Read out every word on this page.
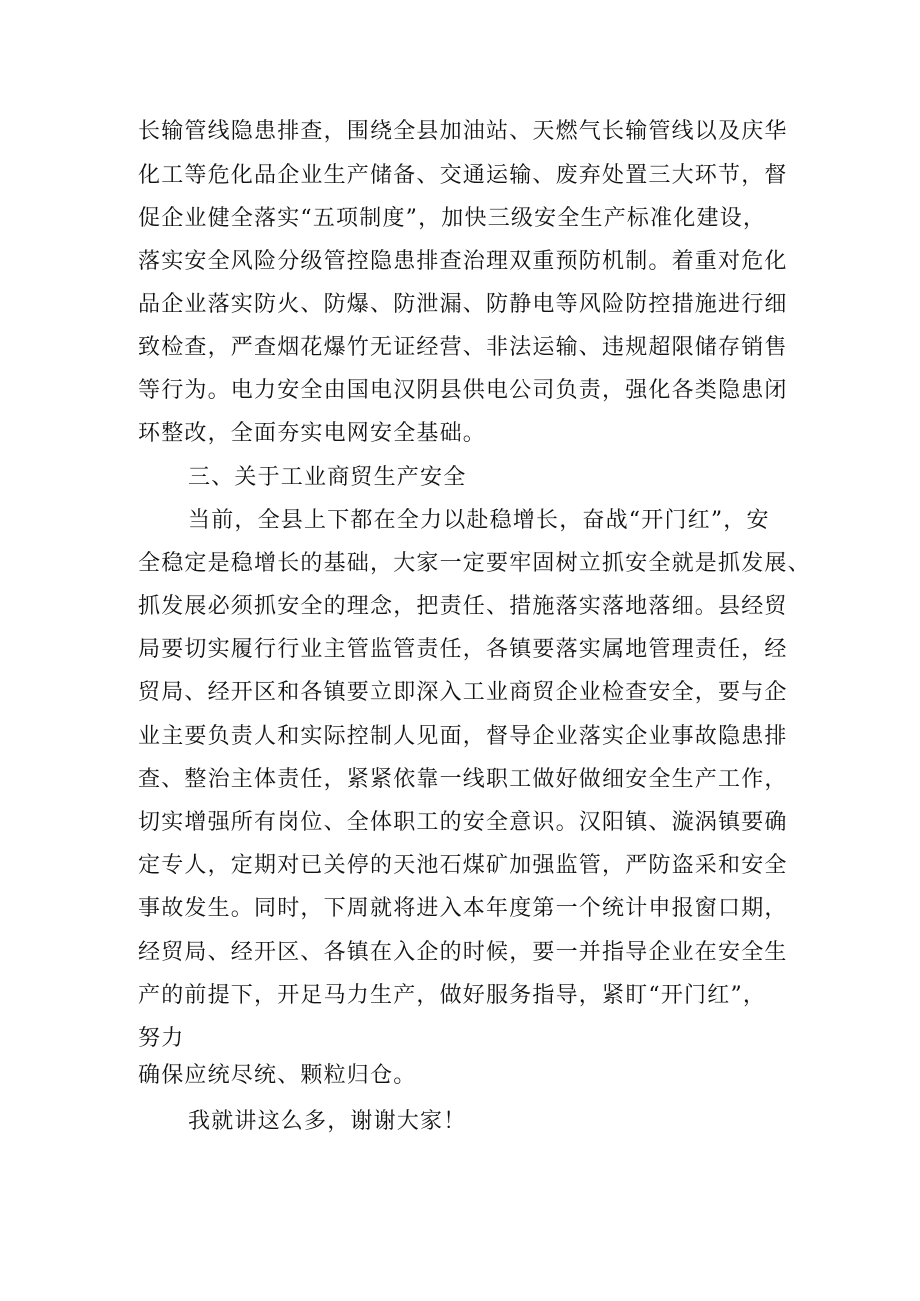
长输管线隐患排查，围绕全县加油站、天燃气长输管线以及庆华
化工等危化品企业生产储备、交通运输、废弃处置三大环节，督
促企业健全落实“五项制度”，加快三级安全生产标准化建设，
落实安全风险分级管控隐患排查治理双重预防机制。着重对危化
品企业落实防火、防爆、防泄漏、防静电等风险防控措施进行细
致检查，严查烟花爆竹无证经营、非法运输、违规超限储存销售
等行为。电力安全由国电汉阴县供电公司负责，强化各类隐患闭
环整改，全面夯实电网安全基础。
三、关于工业商贸生产安全
当前，全县上下都在全力以赴稳增长，奋战“开门红”，安
全稳定是稳增长的基础，大家一定要牢固树立抓安全就是抓发展、
抓发展必须抓安全的理念，把责任、措施落实落地落细。县经贸
局要切实履行行业主管监管责任，各镇要落实属地管理责任，经
贸局、经开区和各镇要立即深入工业商贸企业检查安全，要与企
业主要负责人和实际控制人见面，督导企业落实企业事故隐患排
查、整治主体责任，紧紧依靠一线职工做好做细安全生产工作，
切实增强所有岗位、全体职工的安全意识。汉阳镇、漩涡镇要确
定专人，定期对已关停的天池石煤矿加强监管，严防盗采和安全
事故发生。同时，下周就将进入本年度第一个统计申报窗口期，
经贸局、经开区、各镇在入企的时候，要一并指导企业在安全生
产的前提下，开足马力生产，做好服务指导，紧盯“开门红”，
努力
确保应统尽统、颗粒归仓。
我就讲这么多，谢谢大家！
